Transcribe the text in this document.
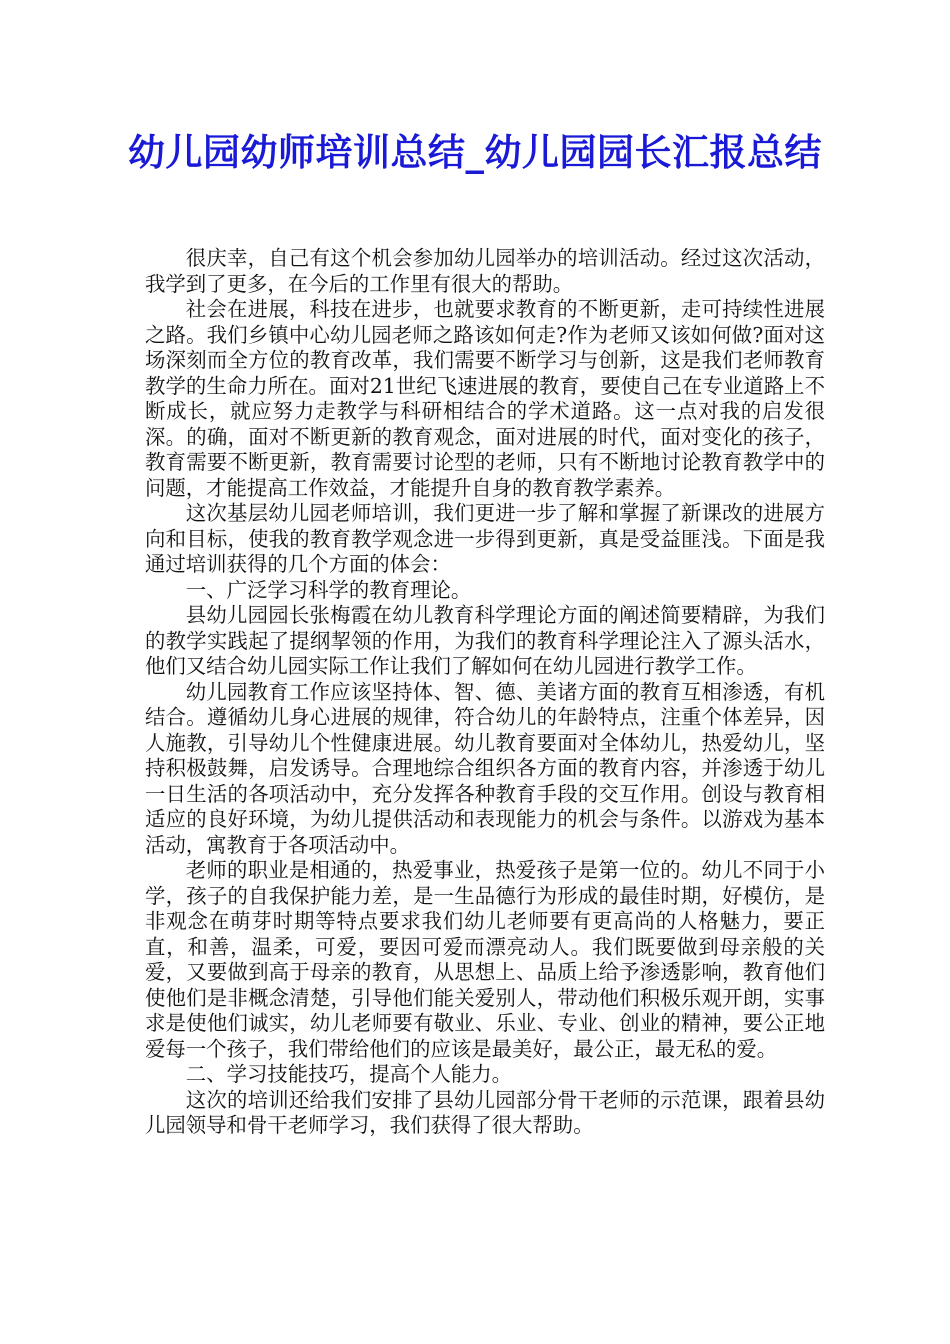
幼儿园幼师培训总结_幼儿园园长汇报总结

很庆幸，自己有这个机会参加幼儿园举办的培训活动。经过这次活动，我学到了更多，在今后的工作里有很大的帮助。

社会在进展，科技在进步，也就要求教育的不断更新，走可持续性进展之路。我们乡镇中心幼儿园老师之路该如何走?作为老师又该如何做?面对这场深刻而全方位的教育改革，我们需要不断学习与创新，这是我们老师教育教学的生命力所在。面对21世纪飞速进展的教育，要使自己在专业道路上不断成长，就应努力走教学与科研相结合的学术道路。这一点对我的启发很深。的确，面对不断更新的教育观念，面对进展的时代，面对变化的孩子，教育需要不断更新，教育需要讨论型的老师，只有不断地讨论教育教学中的问题，才能提高工作效益，才能提升自身的教育教学素养。

这次基层幼儿园老师培训，我们更进一步了解和掌握了新课改的进展方向和目标，使我的教育教学观念进一步得到更新，真是受益匪浅。下面是我通过培训获得的几个方面的体会：

一、广泛学习科学的教育理论。

县幼儿园园长张梅霞在幼儿教育科学理论方面的阐述简要精辟，为我们的教学实践起了提纲挈领的作用，为我们的教育科学理论注入了源头活水，他们又结合幼儿园实际工作让我们了解如何在幼儿园进行教学工作。

幼儿园教育工作应该坚持体、智、德、美诸方面的教育互相渗透，有机结合。遵循幼儿身心进展的规律，符合幼儿的年龄特点，注重个体差异，因人施教，引导幼儿个性健康进展。幼儿教育要面对全体幼儿，热爱幼儿，坚持积极鼓舞，启发诱导。合理地综合组织各方面的教育内容，并渗透于幼儿一日生活的各项活动中，充分发挥各种教育手段的交互作用。创设与教育相适应的良好环境，为幼儿提供活动和表现能力的机会与条件。以游戏为基本活动，寓教育于各项活动中。

老师的职业是相通的，热爱事业，热爱孩子是第一位的。幼儿不同于小学，孩子的自我保护能力差，是一生品德行为形成的最佳时期，好模仿，是非观念在萌芽时期等特点要求我们幼儿老师要有更高尚的人格魅力，要正直，和善，温柔，可爱，要因可爱而漂亮动人。我们既要做到母亲般的关爱，又要做到高于母亲的教育，从思想上、品质上给予渗透影响，教育他们使他们是非概念清楚，引导他们能关爱别人，带动他们积极乐观开朗，实事求是使他们诚实，幼儿老师要有敬业、乐业、专业、创业的精神，要公正地爱每一个孩子，我们带给他们的应该是最美好，最公正，最无私的爱。

二、学习技能技巧，提高个人能力。

这次的培训还给我们安排了县幼儿园部分骨干老师的示范课，跟着县幼儿园领导和骨干老师学习，我们获得了很大帮助。
